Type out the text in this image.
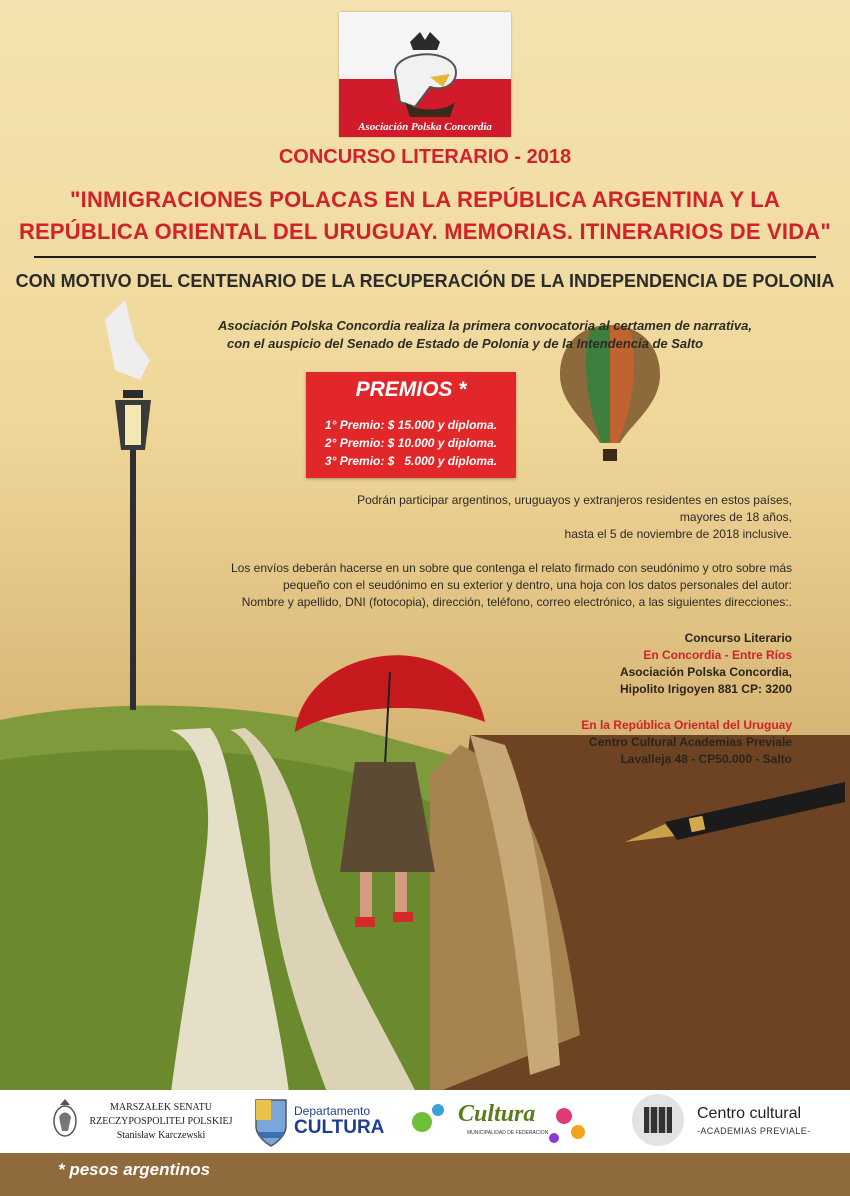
Asociación Polska Concordia
CONCURSO LITERARIO - 2018
"INMIGRACIONES POLACAS EN LA REPÚBLICA ARGENTINA Y LA
REPÚBLICA ORIENTAL DEL URUGUAY. MEMORIAS. ITINERARIOS DE VIDA"
CON MOTIVO DEL CENTENARIO DE LA RECUPERACIÓN DE LA INDEPENDENCIA DE POLONIA
Asociación Polska Concordia realiza la primera convocatoria al certamen de narrativa,
con el auspicio del Senado de Estado de Polonia y de la Intendencia de Salto
PREMIOS *
1° Premio: $ 15.000 y diploma.
2° Premio: $ 10.000 y diploma.
3° Premio: $   5.000 y diploma.
Podrán participar argentinos, uruguayos y extranjeros residentes en estos países,
mayores de 18 años,
hasta el 5 de noviembre de 2018 inclusive.
Los envíos deberán hacerse en un sobre que contenga el relato firmado con seudónimo y otro sobre más
pequeño con el seudónimo en su exterior y dentro, una hoja con los datos personales del autor:
Nombre y apellido, DNI (fotocopia), dirección, teléfono, correo electrónico, a las siguientes direcciones:.
Concurso Literario
En Concordia - Entre Ríos
Asociación Polska Concordia,
Hipolito Irigoyen 881 CP: 3200
En la República Oriental del Uruguay
Centro Cultural Academias Previale
Lavalleja 48 - CP50.000 - Salto
MARSZAŁEK SENATU
RZECZYPOSPOLITEJ POLSKIEJ
Stanisław Karczewski
Departamento
CULTURA
Cultura
MUNICIPALIDAD DE FEDERACION
Centro cultural
-ACADEMIAS PREVIALE-
* pesos argentinos
